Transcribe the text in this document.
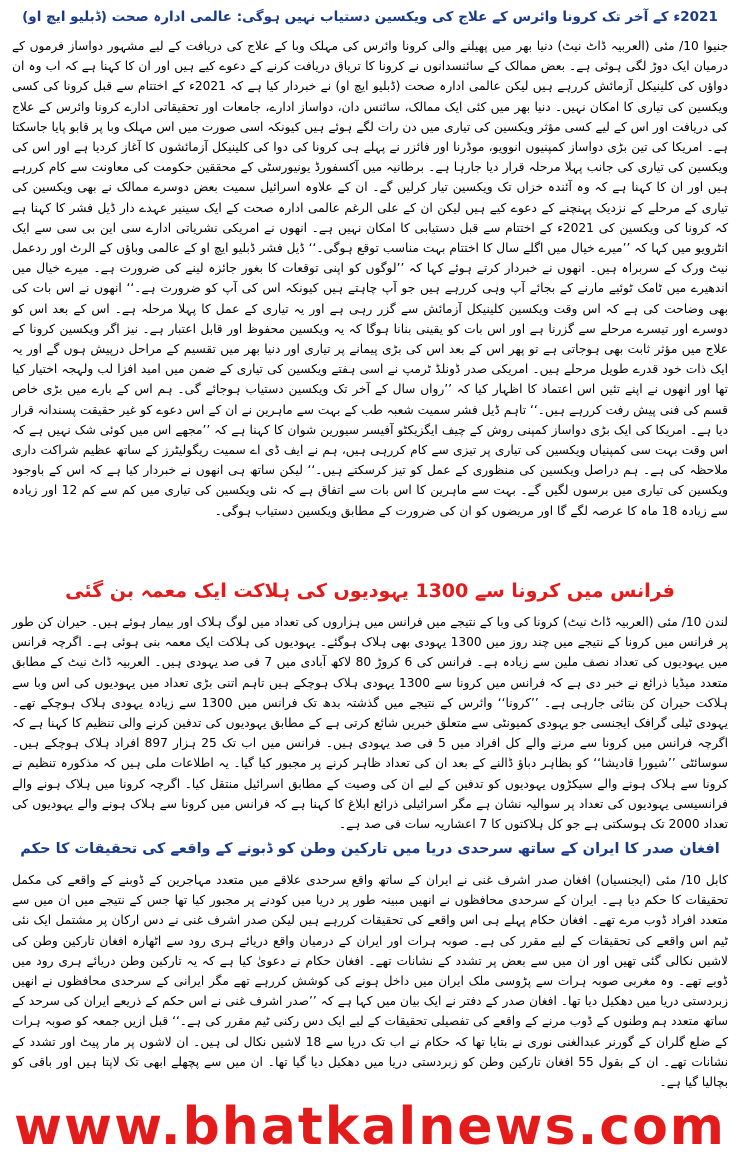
2021ء کے آخر تک کرونا وائرس کے علاج کی ویکسین دستیاب نہیں ہوگی: عالمی ادارہ صحت (ڈبلیو ایچ او)

جنیوا 10/ مئی (العربیہ ڈاٹ نیٹ) دنیا بھر میں پھیلنے والی کرونا وائرس کی مہلک وبا کے علاج کی دریافت کے لیے مشہور دواساز فرموں کے درمیان ایک دوڑ لگی ہوئی ہے۔ بعض ممالک کے سائنسدانوں نے کرونا کا تریاق دریافت کرنے کے دعوے کیے ہیں اور ان کا کہنا ہے کہ اب وہ ان دواؤں کی کلینیکل آزمائش کررہے ہیں لیکن عالمی ادارہ صحت (ڈبلیو ایچ او) نے خبردار کیا ہے کہ 2021ء کے اختتام سے قبل کرونا کی کسی ویکسین کی تیاری کا امکان نہیں۔ دنیا بھر میں کئی ایک ممالک، سائنس دان، دواساز ادارے، جامعات اور تحقیقاتی ادارے کرونا وائرس کے علاج کی دریافت اور اس کے لیے کسی مؤثر ویکسین کی تیاری میں دن رات لگے ہوئے ہیں کیونکہ اسی صورت میں اس مہلک وبا پر قابو پایا جاسکتا ہے۔ امریکا کی تین بڑی دواساز کمپنیوں انوویو، موڈرنا اور فائزر نے پہلے ہی کرونا کی دوا کی کلینیکل آزمائشوں کا آغاز کردیا ہے اور اس کی ویکسین کی تیاری کی جانب پہلا مرحلہ قرار دیا جارہا ہے۔ برطانیہ میں آکسفورڈ یونیورسٹی کے محققین حکومت کی معاونت سے کام کررہے ہیں اور ان کا کہنا ہے کہ وہ آئندہ خزاں تک ویکسین تیار کرلیں گے۔ ان کے علاوہ اسرائیل سمیت بعض دوسرے ممالک نے بھی ویکسین کی تیاری کے مرحلے کے نزدیک پہنچنے کے دعوے کیے ہیں لیکن ان کے علی الرغم عالمی ادارہ صحت کے ایک سینیر عہدے دار ڈیل فشر کا کہنا ہے کہ کرونا کی ویکسین کی 2021ء کے اختتام سے قبل دستیابی کا امکان نہیں ہے۔ انھوں نے امریکی نشریاتی ادارے سی این بی سی سے ایک انٹرویو میں کہا کہ ’’میرے خیال میں اگلے سال کا اختتام بہت مناسب توقع ہوگی۔‘‘ ڈیل فشر ڈبلیو ایچ او کے عالمی وباؤں کے الرٹ اور ردعمل نیٹ ورک کے سربراہ ہیں۔ انھوں نے خبردار کرتے ہوئے کہا کہ ’’لوگوں کو اپنی توقعات کا بغور جائزہ لینے کی ضرورت ہے۔ میرے خیال میں اندھیرے میں ٹامک ٹوئیے مارنے کے بجائے آپ وہی کررہے ہیں جو آپ چاہتے ہیں کیونکہ اس کی آپ کو ضرورت ہے۔‘‘ انھوں نے اس بات کی بھی وضاحت کی ہے کہ اس وقت ویکسین کلینیکل آزمائش سے گزر رہی ہے اور یہ تیاری کے عمل کا پہلا مرحلہ ہے۔ اس کے بعد اس کو دوسرے اور تیسرے مرحلے سے گزرنا ہے اور اس بات کو یقینی بنانا ہوگا کہ یہ ویکسین محفوظ اور قابل اعتبار ہے۔ نیز اگر ویکسین کرونا کے علاج میں مؤثر ثابت بھی ہوجاتی ہے تو پھر اس کے بعد اس کی بڑی پیمانے پر تیاری اور دنیا بھر میں تقسیم کے مراحل درپیش ہوں گے اور یہ ایک ذات خود قدرے طویل مرحلے ہیں۔ امریکی صدر ڈونلڈ ٹرمپ نے اسی ہفتے ویکسین کی تیاری کے ضمن میں امید افزا لب ولہجہ اختیار کیا تھا اور انھوں نے اپنے تئیں اس اعتماد کا اظہار کیا کہ ’’رواں سال کے آخر تک ویکسین دستیاب ہوجائے گی۔ ہم اس کے بارے میں بڑی خاص قسم کی فنی پیش رفت کررہے ہیں۔‘‘ تاہم ڈیل فشر سمیت شعبہ طب کے بہت سے ماہرین نے ان کے اس دعوے کو غیر حقیقت پسندانہ قرار دیا ہے۔ امریکا کی ایک بڑی دواساز کمپنی روش کے چیف ایگزیکٹو آفیسر سیورین شوان کا کہنا ہے کہ ’’مجھے اس میں کوئی شک نہیں ہے کہ اس وقت بہت سی کمپنیاں ویکسین کی تیاری پر تیزی سے کام کررہی ہیں، ہم نے ایف ڈی اے سمیت ریگولیٹرز کے ساتھ عظیم شراکت داری ملاحظہ کی ہے۔ ہم دراصل ویکسین کی منظوری کے عمل کو تیز کرسکتے ہیں۔‘‘ لیکن ساتھ ہی انھوں نے خبردار کیا ہے کہ اس کے باوجود ویکسین کی تیاری میں برسوں لگیں گے۔ بہت سے ماہرین کا اس بات سے اتفاق ہے کہ نئی ویکسین کی تیاری میں کم سے کم 12 اور زیادہ سے زیادہ 18 ماہ کا عرصہ لگے گا اور مریضوں کو ان کی ضرورت کے مطابق ویکسین دستیاب ہوگی۔

فرانس میں کرونا سے 1300 یہودیوں کی ہلاکت ایک معمہ بن گئی

لندن 10/ مئی (العربیہ ڈاٹ نیٹ) کرونا کی وبا کے نتیجے میں فرانس میں ہزاروں کی تعداد میں لوگ ہلاک اور بیمار ہوئے ہیں۔ حیران کن طور پر فرانس میں کرونا کے نتیجے میں چند روز میں 1300 یہودی بھی ہلاک ہوگئے۔ یہودیوں کی ہلاکت ایک معمہ بنی ہوئی ہے۔ اگرچہ فرانس میں یہودیوں کی تعداد نصف ملین سے زیادہ ہے۔ فرانس کی 6 کروڑ 80 لاکھ آبادی میں 7 فی صد یہودی ہیں۔ العربیہ ڈاٹ نیٹ کے مطابق متعدد میڈیا ذرائع نے خبر دی ہے کہ فرانس میں کرونا سے 1300 یہودی ہلاک ہوچکے ہیں تاہم اتنی بڑی تعداد میں یہودیوں کی اس وبا سے ہلاکت حیران کن بتائی جارہی ہے۔ ’’کرونا‘‘ وائرس کے نتیجے میں گذشتہ بدھ تک فرانس میں 1300 سے زیادہ یہودی ہلاک ہوچکے تھے۔ یہودی ٹیلی گرافک ایجنسی جو یہودی کمیونٹی سے متعلق خبریں شائع کرتی ہے کے مطابق یہودیوں کی تدفین کرنے والی تنظیم کا کہنا ہے کہ اگرچہ فرانس میں کرونا سے مرنے والے کل افراد میں 5 فی صد یہودی ہیں۔ فرانس میں اب تک 25 ہزار 897 افراد ہلاک ہوچکے ہیں۔ سوسائٹی ’’شیورا قادیشا‘‘ کو بظاہر دباؤ ڈالنے کے بعد ان کی تعداد ظاہر کرنے پر مجبور کیا گیا۔ یہ اطلاعات ملی ہیں کہ مذکورہ تنظیم نے کرونا سے ہلاک ہونے والے سیکڑوں یہودیوں کو تدفین کے لیے ان کی وصیت کے مطابق اسرائیل منتقل کیا۔ اگرچہ کرونا میں ہلاک ہونے والے فرانسیسی یہودیوں کی تعداد پر سوالیہ نشان ہے مگر اسرائیلی ذرائع ابلاغ کا کہنا ہے کہ فرانس میں کرونا سے ہلاک ہونے والے یہودیوں کی تعداد 2000 تک ہوسکتی ہے جو کل ہلاکتوں کا 7 اعشاریہ سات فی صد ہے۔

افغان صدر کا ایران کے ساتھ سرحدی دریا میں تارکین وطن کو ڈبونے کے واقعے کی تحقیقات کا حکم

کابل 10/ مئی (ایجنسیاں) افغان صدر اشرف غنی نے ایران کے ساتھ واقع سرحدی علاقے میں متعدد مہاجرین کے ڈوبنے کے واقعے کی مکمل تحقیقات کا حکم دیا ہے۔ ایران کے سرحدی محافظوں نے انھیں مبینہ طور پر دریا میں کودنے پر مجبور کیا تھا جس کے نتیجے میں ان میں سے متعدد افراد ڈوب مرے تھے۔ افغان حکام پہلے ہی اس واقعے کی تحقیقات کررہے ہیں لیکن صدر اشرف غنی نے دس ارکان پر مشتمل ایک نئی ٹیم اس واقعے کی تحقیقات کے لیے مقرر کی ہے۔ صوبہ ہرات اور ایران کے درمیان واقع دریائے ہری رود سے اٹھارہ افغان تارکین وطن کی لاشیں نکالی گئی تھیں اور ان میں سے بعض پر تشدد کے نشانات تھے۔ افغان حکام نے دعویٰ کیا ہے کہ یہ تارکین وطن دریائے ہری رود میں ڈوبے تھے۔ وہ مغربی صوبہ ہرات سے پڑوسی ملک ایران میں داخل ہونے کی کوشش کررہے تھے مگر ایرانی کے سرحدی محافظوں نے انھیں زبردستی دریا میں دھکیل دیا تھا۔ افغان صدر کے دفتر نے ایک بیان میں کہا ہے کہ ’’صدر اشرف غنی نے اس حکم کے ذریعے ایران کی سرحد کے ساتھ متعدد ہم وطنوں کے ڈوب مرنے کے واقعے کی تفصیلی تحقیقات کے لیے ایک دس رکنی ٹیم مقرر کی ہے۔‘‘ قبل ازیں جمعہ کو صوبہ ہرات کے ضلع گلران کے گورنر عبدالغنی نوری نے بتایا تھا کہ حکام نے اب تک دریا سے 18 لاشیں نکال لی ہیں۔ ان لاشوں پر مار پیٹ اور تشدد کے نشانات تھے۔ ان کے بقول 55 افغان تارکین وطن کو زبردستی دریا میں دھکیل دیا گیا تھا۔ ان میں سے پچھلے ابھی تک لاپتا ہیں اور باقی کو بچالیا گیا ہے۔

www.bhatkalnews.com
